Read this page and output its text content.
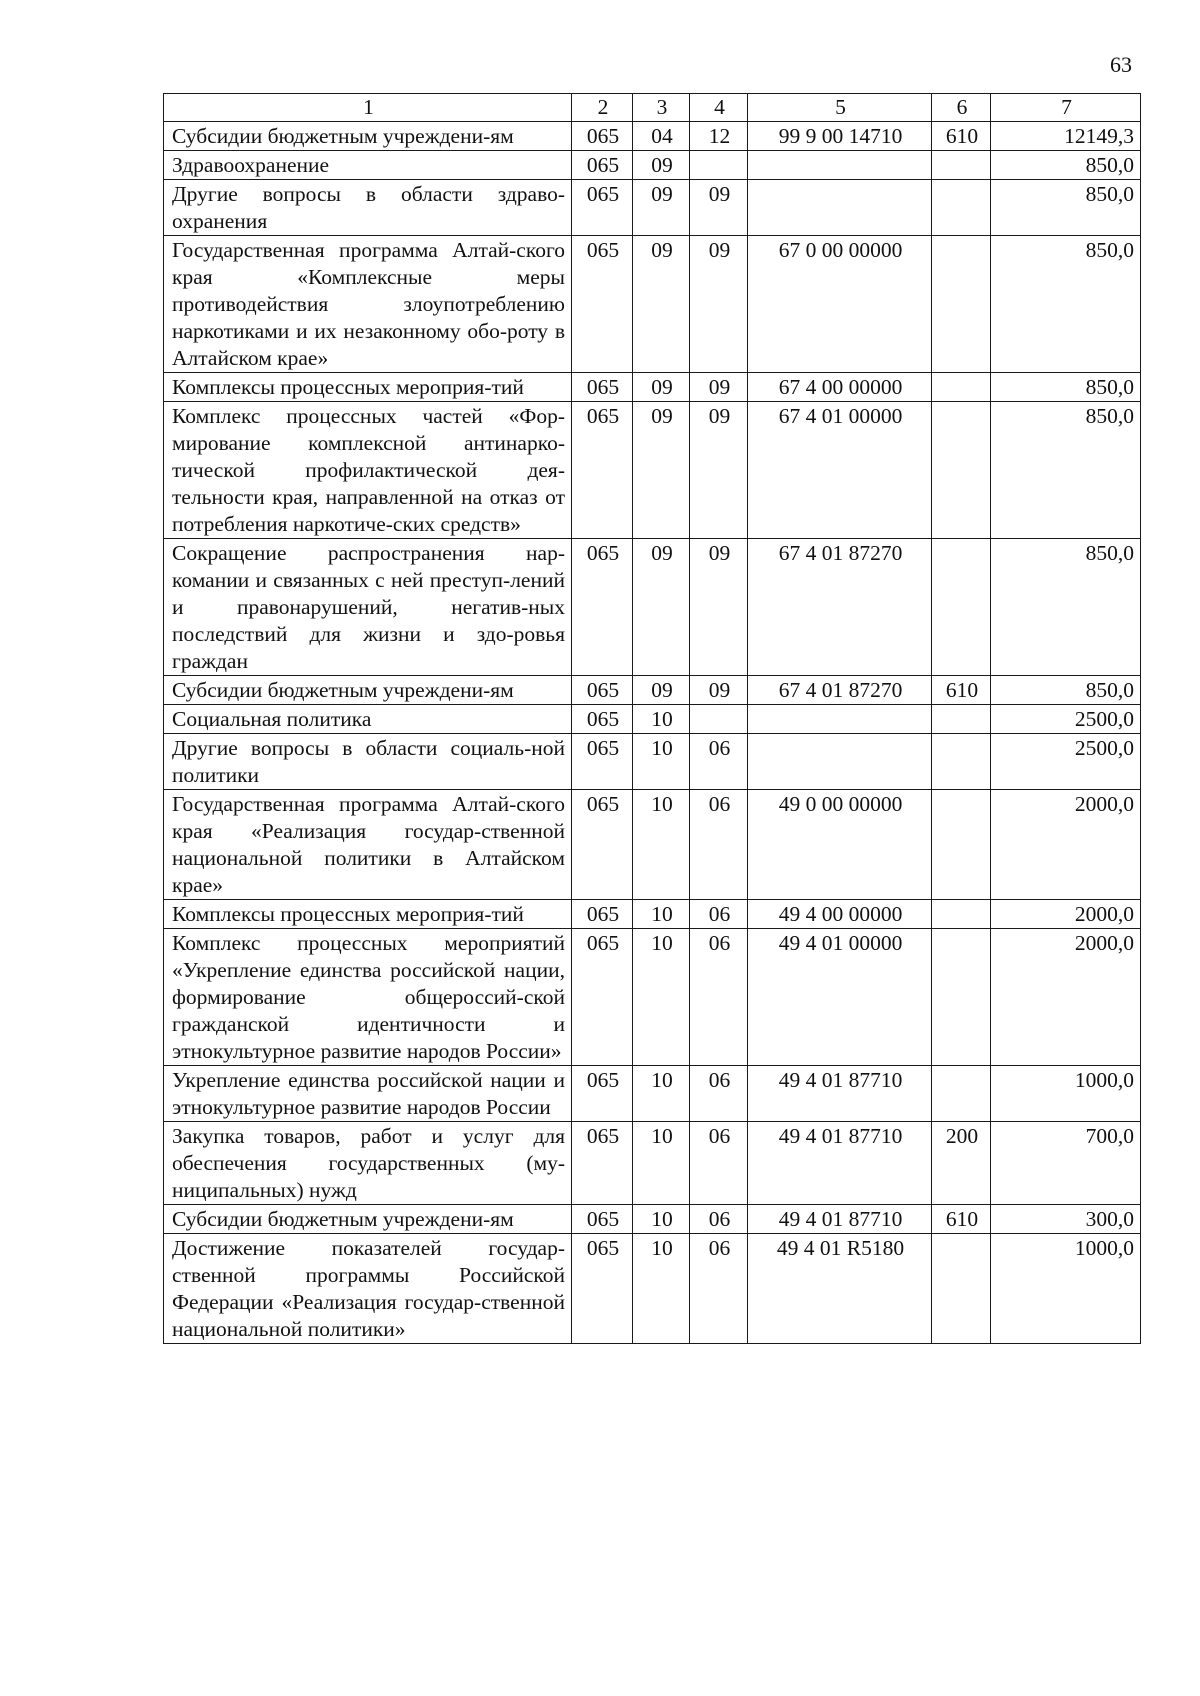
63
1	2	3	4	5	6	7
Субсидии бюджетным учреждени-ям	065	04	12	99 9 00 14710	610	12149,3
Здравоохранение	065	09				850,0
Другие вопросы в области здраво-охранения	065	09	09			850,0
Государственная программа Алтай-ского края «Комплексные меры противодействия злоупотреблению наркотиками и их незаконному обо-роту в Алтайском крае»	065	09	09	67 0 00 00000		850,0
Комплексы процессных мероприя-тий	065	09	09	67 4 00 00000		850,0
Комплекс процессных частей «Фор-мирование комплексной антинарко-тической профилактической дея-тельности края, направленной на отказ от потребления наркотиче-ских средств»	065	09	09	67 4 01 00000		850,0
Сокращение распространения нар-комании и связанных с ней преступ-лений и правонарушений, негатив-ных последствий для жизни и здо-ровья граждан	065	09	09	67 4 01 87270		850,0
Субсидии бюджетным учреждени-ям	065	09	09	67 4 01 87270	610	850,0
Социальная политика	065	10				2500,0
Другие вопросы в области социаль-ной политики	065	10	06			2500,0
Государственная программа Алтай-ского края «Реализация государ-ственной национальной политики в Алтайском крае»	065	10	06	49 0 00 00000		2000,0
Комплексы процессных мероприя-тий	065	10	06	49 4 00 00000		2000,0
Комплекс процессных мероприятий «Укрепление единства российской нации, формирование общероссий-ской гражданской идентичности и этнокультурное развитие народов России»	065	10	06	49 4 01 00000		2000,0
Укрепление единства российской нации и этнокультурное развитие народов России	065	10	06	49 4 01 87710		1000,0
Закупка товаров, работ и услуг для обеспечения государственных (му-ниципальных) нужд	065	10	06	49 4 01 87710	200	700,0
Субсидии бюджетным учреждени-ям	065	10	06	49 4 01 87710	610	300,0
Достижение показателей государ-ственной программы Российской Федерации «Реализация государ-ственной национальной политики»	065	10	06	49 4 01 R5180		1000,0
